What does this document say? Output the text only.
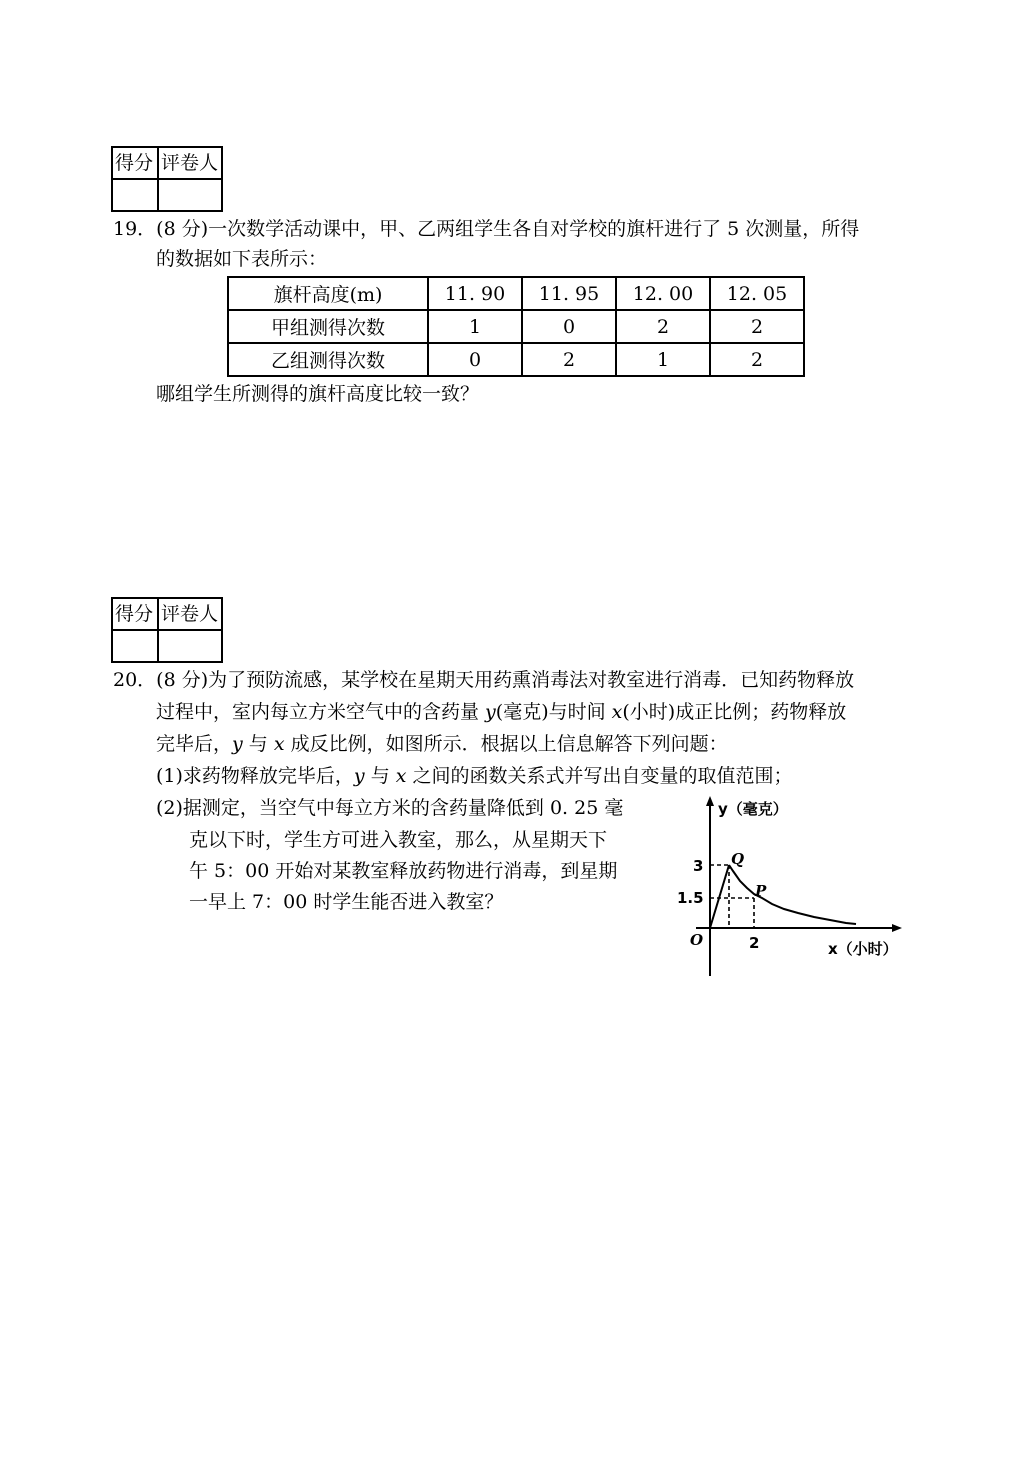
得分	评卷人

19．(8 分)一次数学活动课中，甲、乙两组学生各自对学校的旗杆进行了 5 次测量，所得
的数据如下表所示：
旗杆高度(m)	11. 90	11. 95	12. 00	12. 05
甲组测得次数	1	0	2	2
乙组测得次数	0	2	1	2
哪组学生所测得的旗杆高度比较一致？
得分	评卷人

20．(8 分)为了预防流感，某学校在星期天用药熏消毒法对教室进行消毒．已知药物释放
过程中，室内每立方米空气中的含药量 y(毫克)与时间 x(小时)成正比例；药物释放
完毕后，y 与 x 成反比例，如图所示．根据以上信息解答下列问题：
(1)求药物释放完毕后，y 与 x 之间的函数关系式并写出自变量的取值范围；
(2)据测定，当空气中每立方米的含药量降低到 0. 25 毫
克以下时，学生方可进入教室，那么，从星期天下
午 5：00 开始对某教室释放药物进行消毒，到星期
一早上 7：00 时学生能否进入教室？
y（毫克）
x（小时）
O
Q
P
3
1.5
2
